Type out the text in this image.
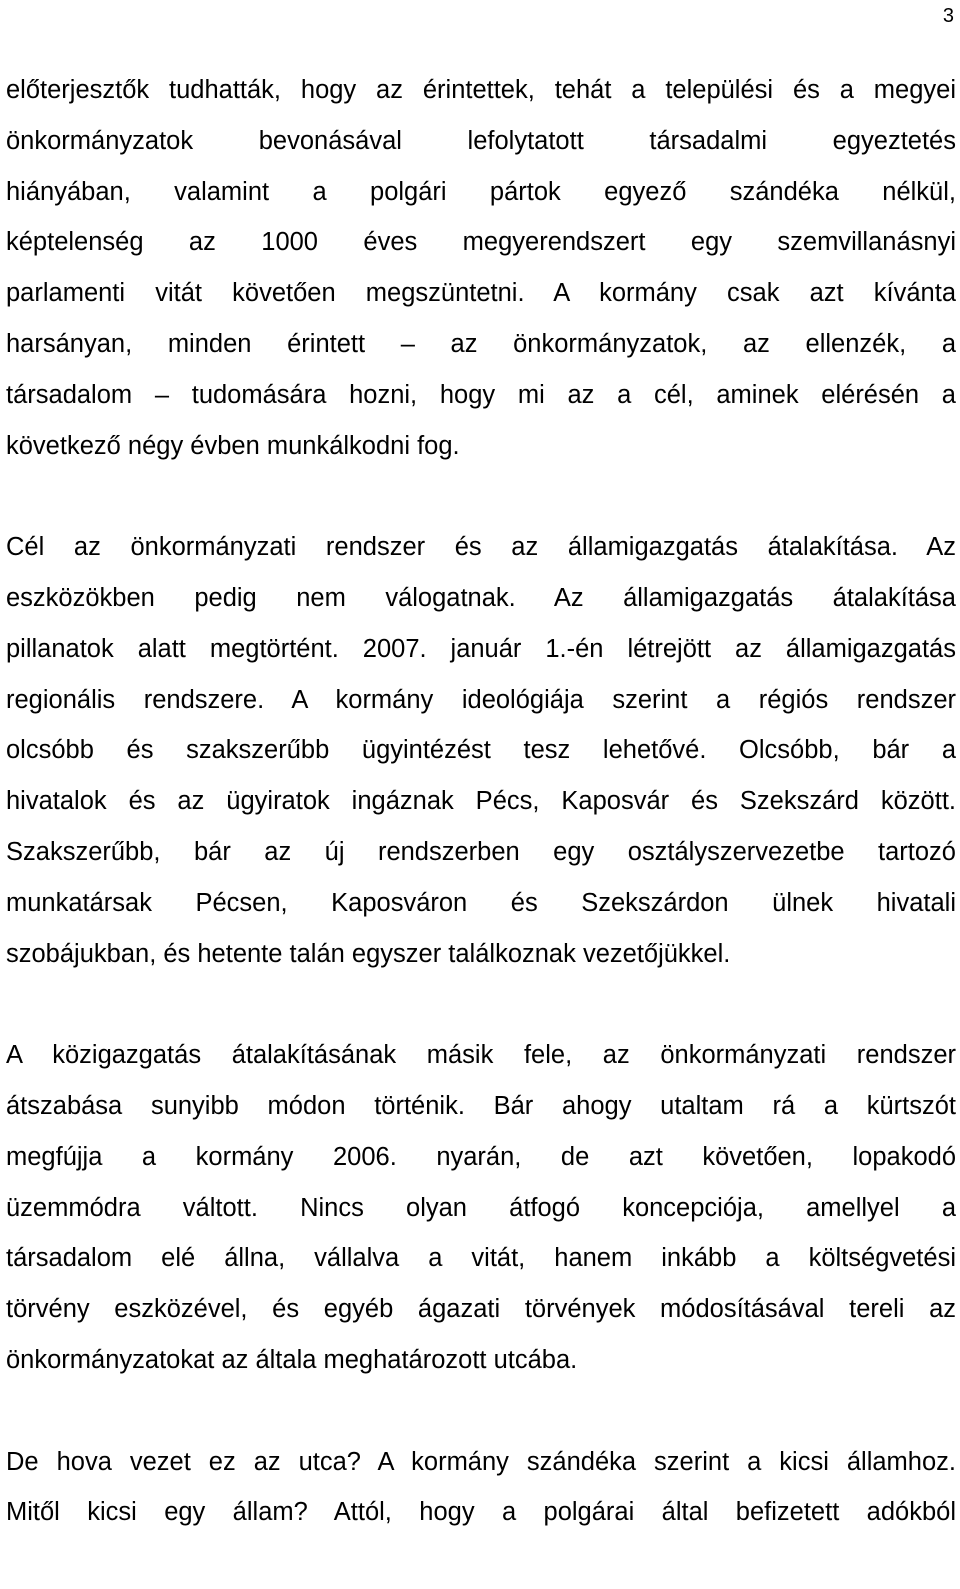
3
előterjesztők tudhatták, hogy az érintettek, tehát a települési és a megyei
önkormányzatok bevonásával lefolytatott társadalmi egyeztetés
hiányában, valamint a polgári pártok egyező szándéka nélkül,
képtelenség az 1000 éves megyerendszert egy szemvillanásnyi
parlamenti vitát követően megszüntetni. A kormány csak azt kívánta
harsányan, minden érintett – az önkormányzatok, az ellenzék, a
társadalom – tudomására hozni, hogy mi az a cél, aminek elérésén a
következő négy évben munkálkodni fog.
Cél az önkormányzati rendszer és az államigazgatás átalakítása. Az
eszközökben pedig nem válogatnak. Az államigazgatás átalakítása
pillanatok alatt megtörtént. 2007. január 1.-én létrejött az államigazgatás
regionális rendszere. A kormány ideológiája szerint a régiós rendszer
olcsóbb és szakszerűbb ügyintézést tesz lehetővé. Olcsóbb, bár a
hivatalok és az ügyiratok ingáznak Pécs, Kaposvár és Szekszárd között.
Szakszerűbb, bár az új rendszerben egy osztályszervezetbe tartozó
munkatársak Pécsen, Kaposváron és Szekszárdon ülnek hivatali
szobájukban, és hetente talán egyszer találkoznak vezetőjükkel.
A közigazgatás átalakításának másik fele, az önkormányzati rendszer
átszabása sunyibb módon történik. Bár ahogy utaltam rá a kürtszót
megfújja a kormány 2006. nyarán, de azt követően, lopakodó
üzemmódra váltott. Nincs olyan átfogó koncepciója, amellyel a
társadalom elé állna, vállalva a vitát, hanem inkább a költségvetési
törvény eszközével, és egyéb ágazati törvények módosításával tereli az
önkormányzatokat az általa meghatározott utcába.
De hova vezet ez az utca? A kormány szándéka szerint a kicsi államhoz.
Mitől kicsi egy állam? Attól, hogy a polgárai által befizetett adókból
